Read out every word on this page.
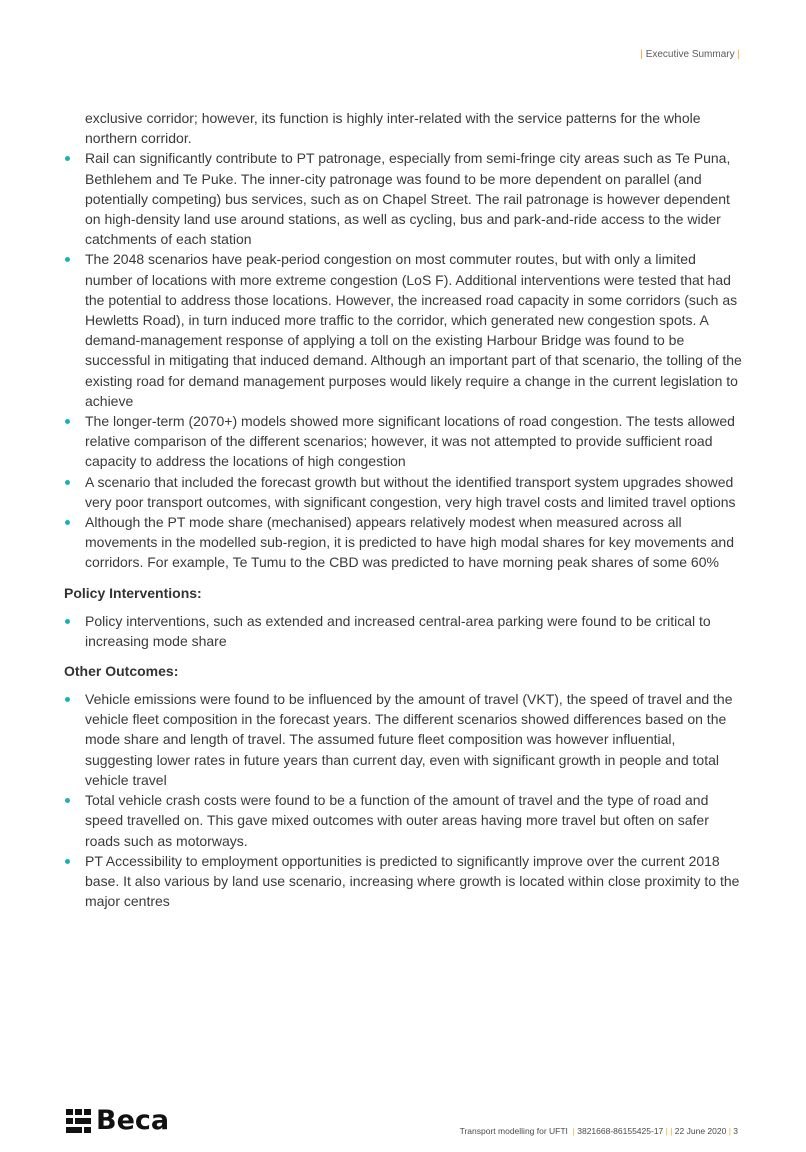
| Executive Summary |

exclusive corridor; however, its function is highly inter-related with the service patterns for the whole northern corridor.

Rail can significantly contribute to PT patronage, especially from semi-fringe city areas such as Te Puna, Bethlehem and Te Puke. The inner-city patronage was found to be more dependent on parallel (and potentially competing) bus services, such as on Chapel Street. The rail patronage is however dependent on high-density land use around stations, as well as cycling, bus and park-and-ride access to the wider catchments of each station
The 2048 scenarios have peak-period congestion on most commuter routes, but with only a limited number of locations with more extreme congestion (LoS F). Additional interventions were tested that had the potential to address those locations. However, the increased road capacity in some corridors (such as Hewletts Road), in turn induced more traffic to the corridor, which generated new congestion spots. A demand-management response of applying a toll on the existing Harbour Bridge was found to be successful in mitigating that induced demand. Although an important part of that scenario, the tolling of the existing road for demand management purposes would likely require a change in the current legislation to achieve
The longer-term (2070+) models showed more significant locations of road congestion. The tests allowed relative comparison of the different scenarios; however, it was not attempted to provide sufficient road capacity to address the locations of high congestion
A scenario that included the forecast growth but without the identified transport system upgrades showed very poor transport outcomes, with significant congestion, very high travel costs and limited travel options
Although the PT mode share (mechanised) appears relatively modest when measured across all movements in the modelled sub-region, it is predicted to have high modal shares for key movements and corridors. For example, Te Tumu to the CBD was predicted to have morning peak shares of some 60%
Policy Interventions:
Policy interventions, such as extended and increased central-area parking were found to be critical to increasing mode share
Other Outcomes:
Vehicle emissions were found to be influenced by the amount of travel (VKT), the speed of travel and the vehicle fleet composition in the forecast years. The different scenarios showed differences based on the mode share and length of travel. The assumed future fleet composition was however influential, suggesting lower rates in future years than current day, even with significant growth in people and total vehicle travel
Total vehicle crash costs were found to be a function of the amount of travel and the type of road and speed travelled on. This gave mixed outcomes with outer areas having more travel but often on safer roads such as motorways.
PT Accessibility to employment opportunities is predicted to significantly improve over the current 2018 base. It also various by land use scenario, increasing where growth is located within close proximity to the major centres
Beca	Transport modelling for UFTI  | 3821668-86155425-17 | | 22 June 2020 | 3
